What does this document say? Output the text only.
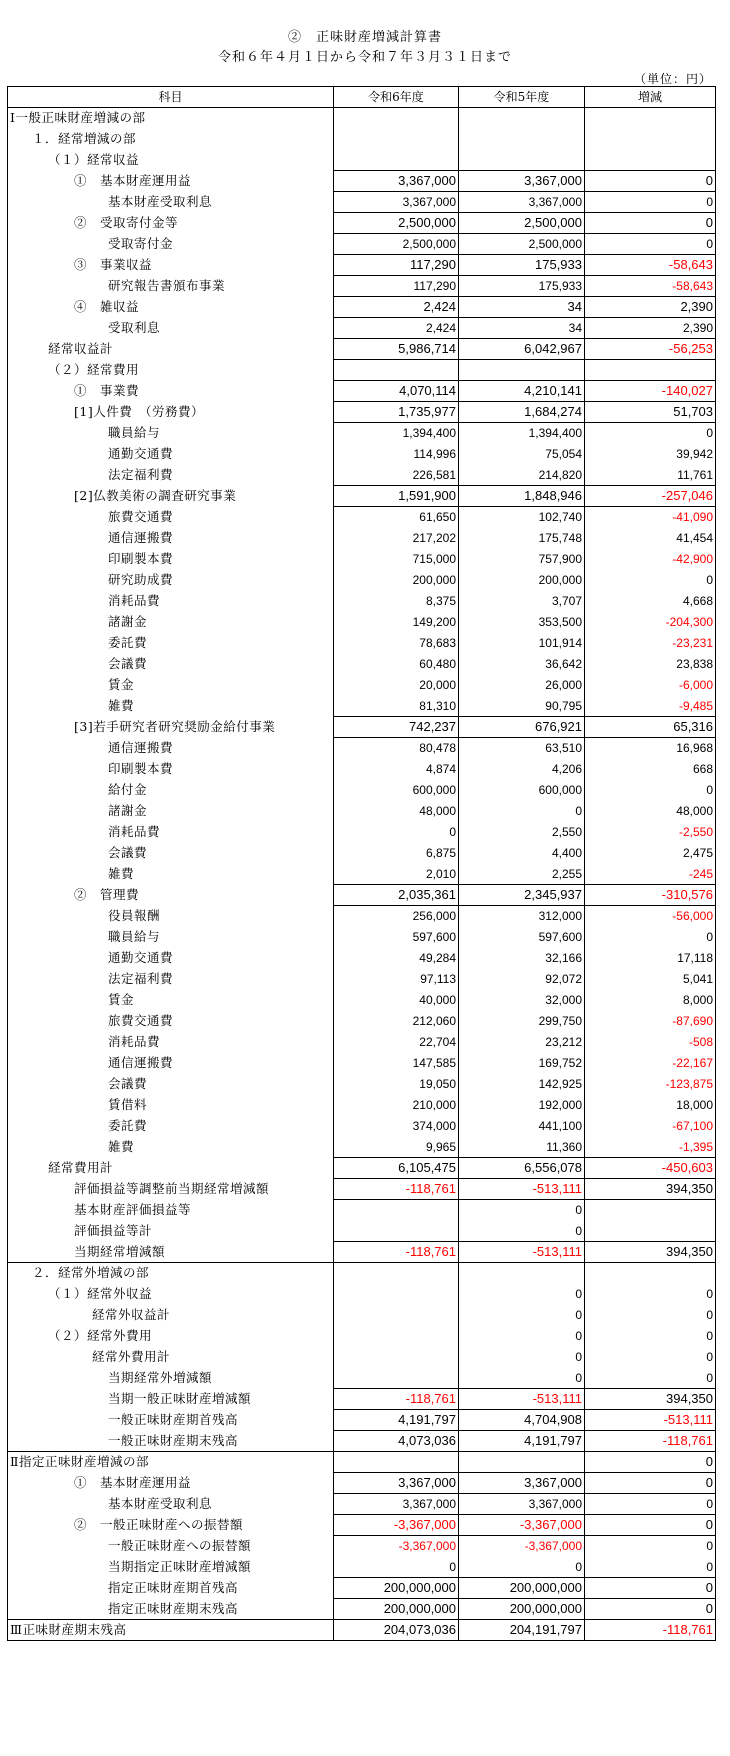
②　正味財産増減計算書
令和６年４月１日から令和７年３月３１日まで
（単位：円）
科目	令和6年度	令和5年度	増減
Ⅰ一般正味財産増減の部			
１．経常増減の部			
（１）経常収益			
①　基本財産運用益	3,367,000	3,367,000	0
基本財産受取利息	3,367,000	3,367,000	0
②　受取寄付金等	2,500,000	2,500,000	0
受取寄付金	2,500,000	2,500,000	0
③　事業収益	117,290	175,933	-58,643
研究報告書頒布事業	117,290	175,933	-58,643
④　雑収益	2,424	34	2,390
受取利息	2,424	34	2,390
経常収益計	5,986,714	6,042,967	-56,253
（２）経常費用			
①　事業費	4,070,114	4,210,141	-140,027
[1]人件費　（労務費）	1,735,977	1,684,274	51,703
職員給与	1,394,400	1,394,400	0
通勤交通費	114,996	75,054	39,942
法定福利費	226,581	214,820	11,761
[2]仏教美術の調査研究事業	1,591,900	1,848,946	-257,046
旅費交通費	61,650	102,740	-41,090
通信運搬費	217,202	175,748	41,454
印刷製本費	715,000	757,900	-42,900
研究助成費	200,000	200,000	0
消耗品費	8,375	3,707	4,668
諸謝金	149,200	353,500	-204,300
委託費	78,683	101,914	-23,231
会議費	60,480	36,642	23,838
賃金	20,000	26,000	-6,000
雑費	81,310	90,795	-9,485
[3]若手研究者研究奨励金給付事業	742,237	676,921	65,316
通信運搬費	80,478	63,510	16,968
印刷製本費	4,874	4,206	668
給付金	600,000	600,000	0
諸謝金	48,000	0	48,000
消耗品費	0	2,550	-2,550
会議費	6,875	4,400	2,475
雑費	2,010	2,255	-245
②　管理費	2,035,361	2,345,937	-310,576
役員報酬	256,000	312,000	-56,000
職員給与	597,600	597,600	0
通勤交通費	49,284	32,166	17,118
法定福利費	97,113	92,072	5,041
賃金	40,000	32,000	8,000
旅費交通費	212,060	299,750	-87,690
消耗品費	22,704	23,212	-508
通信運搬費	147,585	169,752	-22,167
会議費	19,050	142,925	-123,875
賃借料	210,000	192,000	18,000
委託費	374,000	441,100	-67,100
雑費	9,965	11,360	-1,395
経常費用計	6,105,475	6,556,078	-450,603
評価損益等調整前当期経常増減額	-118,761	-513,111	394,350
基本財産評価損益等		0	
評価損益等計		0	
当期経常増減額	-118,761	-513,111	394,350
２．経常外増減の部			
（１）経常外収益		0	0
経常外収益計		0	0
（２）経常外費用		0	0
経常外費用計		0	0
当期経常外増減額		0	0
当期一般正味財産増減額	-118,761	-513,111	394,350
一般正味財産期首残高	4,191,797	4,704,908	-513,111
一般正味財産期末残高	4,073,036	4,191,797	-118,761
Ⅱ指定正味財産増減の部			0
①　基本財産運用益	3,367,000	3,367,000	0
基本財産受取利息	3,367,000	3,367,000	0
②　一般正味財産への振替額	-3,367,000	-3,367,000	0
一般正味財産への振替額	-3,367,000	-3,367,000	0
当期指定正味財産増減額	0	0	0
指定正味財産期首残高	200,000,000	200,000,000	0
指定正味財産期末残高	200,000,000	200,000,000	0
Ⅲ正味財産期末残高	204,073,036	204,191,797	-118,761
